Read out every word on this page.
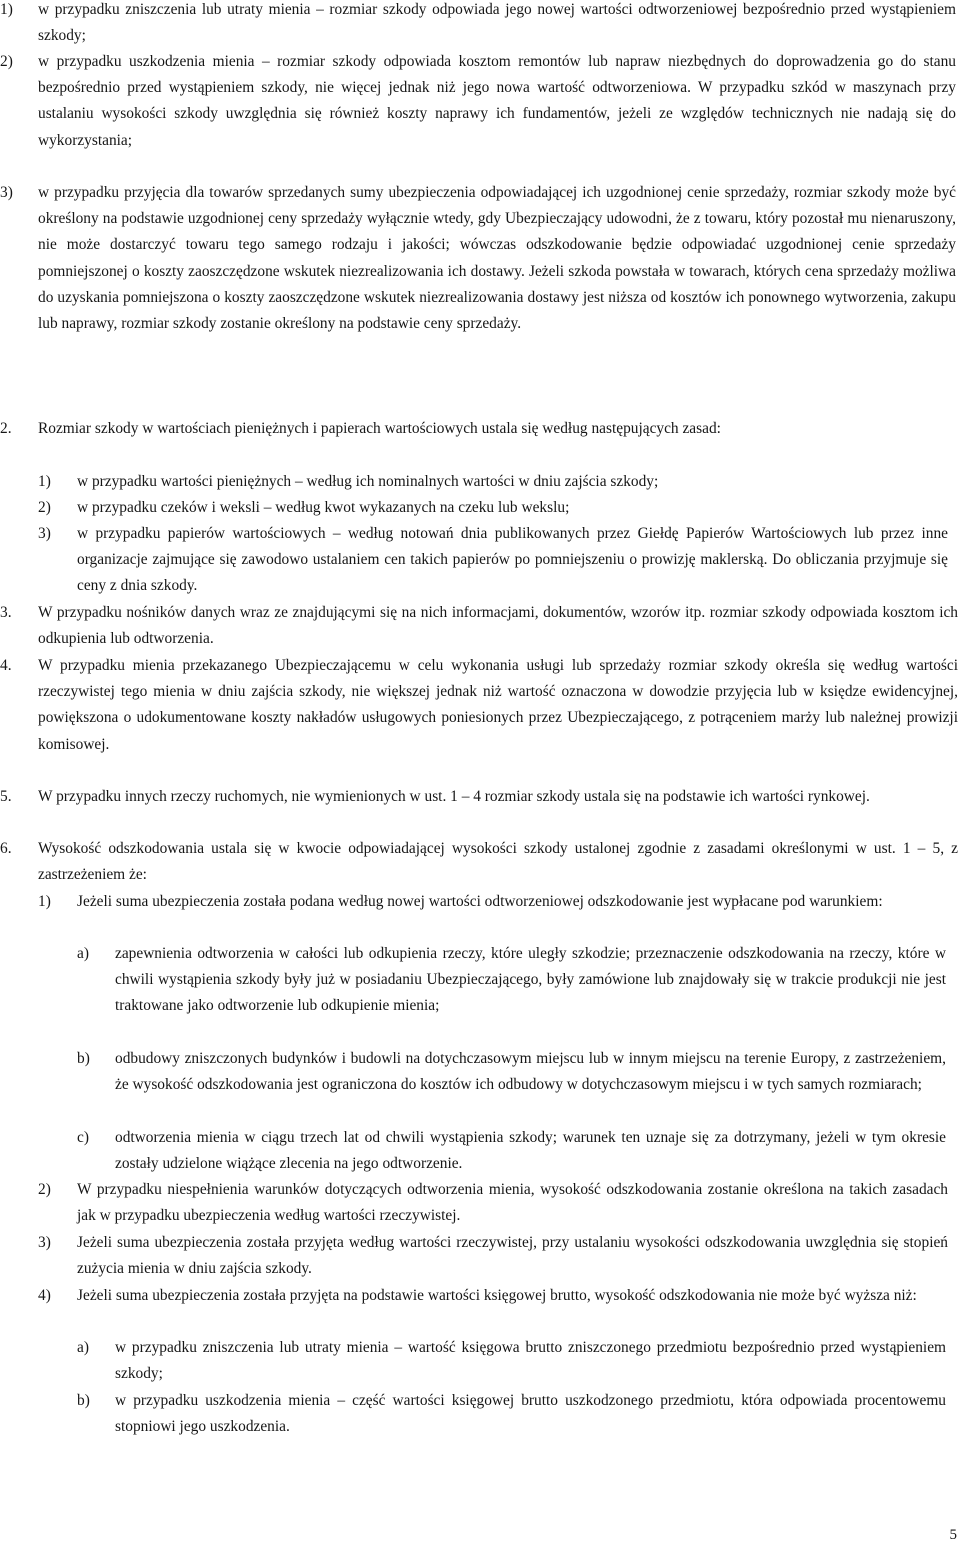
1) w przypadku zniszczenia lub utraty mienia – rozmiar szkody odpowiada jego nowej wartości odtworzeniowej bezpośrednio przed wystąpieniem szkody;
2) w przypadku uszkodzenia mienia – rozmiar szkody odpowiada kosztom remontów lub napraw niezbędnych do doprowadzenia go do stanu bezpośrednio przed wystąpieniem szkody, nie więcej jednak niż jego nowa wartość odtworzeniowa. W przypadku szkód w maszynach przy ustalaniu wysokości szkody uwzględnia się również koszty naprawy ich fundamentów, jeżeli ze względów technicznych nie nadają się do wykorzystania;
3) w przypadku przyjęcia dla towarów sprzedanych sumy ubezpieczenia odpowiadającej ich uzgodnionej cenie sprzedaży, rozmiar szkody może być określony na podstawie uzgodnionej ceny sprzedaży wyłącznie wtedy, gdy Ubezpieczający udowodni, że z towaru, który pozostał mu nienaruszony, nie może dostarczyć towaru tego samego rodzaju i jakości; wówczas odszkodowanie będzie odpowiadać uzgodnionej cenie sprzedaży pomniejszonej o koszty zaoszczędzone wskutek niezrealizowania ich dostawy. Jeżeli szkoda powstała w towarach, których cena sprzedaży możliwa do uzyskania pomniejszona o koszty zaoszczędzone wskutek niezrealizowania dostawy jest niższa od kosztów ich ponownego wytworzenia, zakupu lub naprawy, rozmiar szkody zostanie określony na podstawie ceny sprzedaży.
2. Rozmiar szkody w wartościach pieniężnych i papierach wartościowych ustala się według następujących zasad:
1) w przypadku wartości pieniężnych – według ich nominalnych wartości w dniu zajścia szkody;
2) w przypadku czeków i weksli – według kwot wykazanych na czeku lub wekslu;
3) w przypadku papierów wartościowych – według notowań dnia publikowanych przez Giełdę Papierów Wartościowych lub przez inne organizacje zajmujące się zawodowo ustalaniem cen takich papierów po pomniejszeniu o prowizję maklerską. Do obliczania przyjmuje się ceny z dnia szkody.
3. W przypadku nośników danych wraz ze znajdującymi się na nich informacjami, dokumentów, wzorów itp. rozmiar szkody odpowiada kosztom ich odkupienia lub odtworzenia.
4. W przypadku mienia przekazanego Ubezpieczającemu w celu wykonania usługi lub sprzedaży rozmiar szkody określa się według wartości rzeczywistej tego mienia w dniu zajścia szkody, nie większej jednak niż wartość oznaczona w dowodzie przyjęcia lub w księdze ewidencyjnej, powiększona o udokumentowane koszty nakładów usługowych poniesionych przez Ubezpieczającego, z potrąceniem marży lub należnej prowizji komisowej.
5. W przypadku innych rzeczy ruchomych, nie wymienionych w ust. 1 – 4 rozmiar szkody ustala się na podstawie ich wartości rynkowej.
6. Wysokość odszkodowania ustala się w kwocie odpowiadającej wysokości szkody ustalonej zgodnie z zasadami określonymi w ust. 1 – 5, z zastrzeżeniem że:
1) Jeżeli suma ubezpieczenia została podana według nowej wartości odtworzeniowej odszkodowanie jest wypłacane pod warunkiem:
a) zapewnienia odtworzenia w całości lub odkupienia rzeczy, które uległy szkodzie; przeznaczenie odszkodowania na rzeczy, które w chwili wystąpienia szkody były już w posiadaniu Ubezpieczającego, były zamówione lub znajdowały się w trakcie produkcji nie jest traktowane jako odtworzenie lub odkupienie mienia;
b) odbudowy zniszczonych budynków i budowli na dotychczasowym miejscu lub w innym miejscu na terenie Europy, z zastrzeżeniem, że wysokość odszkodowania jest ograniczona do kosztów ich odbudowy w dotychczasowym miejscu i w tych samych rozmiarach;
c) odtworzenia mienia w ciągu trzech lat od chwili wystąpienia szkody; warunek ten uznaje się za dotrzymany, jeżeli w tym okresie zostały udzielone wiążące zlecenia na jego odtworzenie.
2) W przypadku niespełnienia warunków dotyczących odtworzenia mienia, wysokość odszkodowania zostanie określona na takich zasadach jak w przypadku ubezpieczenia według wartości rzeczywistej.
3) Jeżeli suma ubezpieczenia została przyjęta według wartości rzeczywistej, przy ustalaniu wysokości odszkodowania uwzględnia się stopień zużycia mienia w dniu zajścia szkody.
4) Jeżeli suma ubezpieczenia została przyjęta na podstawie wartości księgowej brutto, wysokość odszkodowania nie może być wyższa niż:
a) w przypadku zniszczenia lub utraty mienia – wartość księgowa brutto zniszczonego przedmiotu bezpośrednio przed wystąpieniem szkody;
b) w przypadku uszkodzenia mienia – część wartości księgowej brutto uszkodzonego przedmiotu, która odpowiada procentowemu stopniowi jego uszkodzenia.
5
